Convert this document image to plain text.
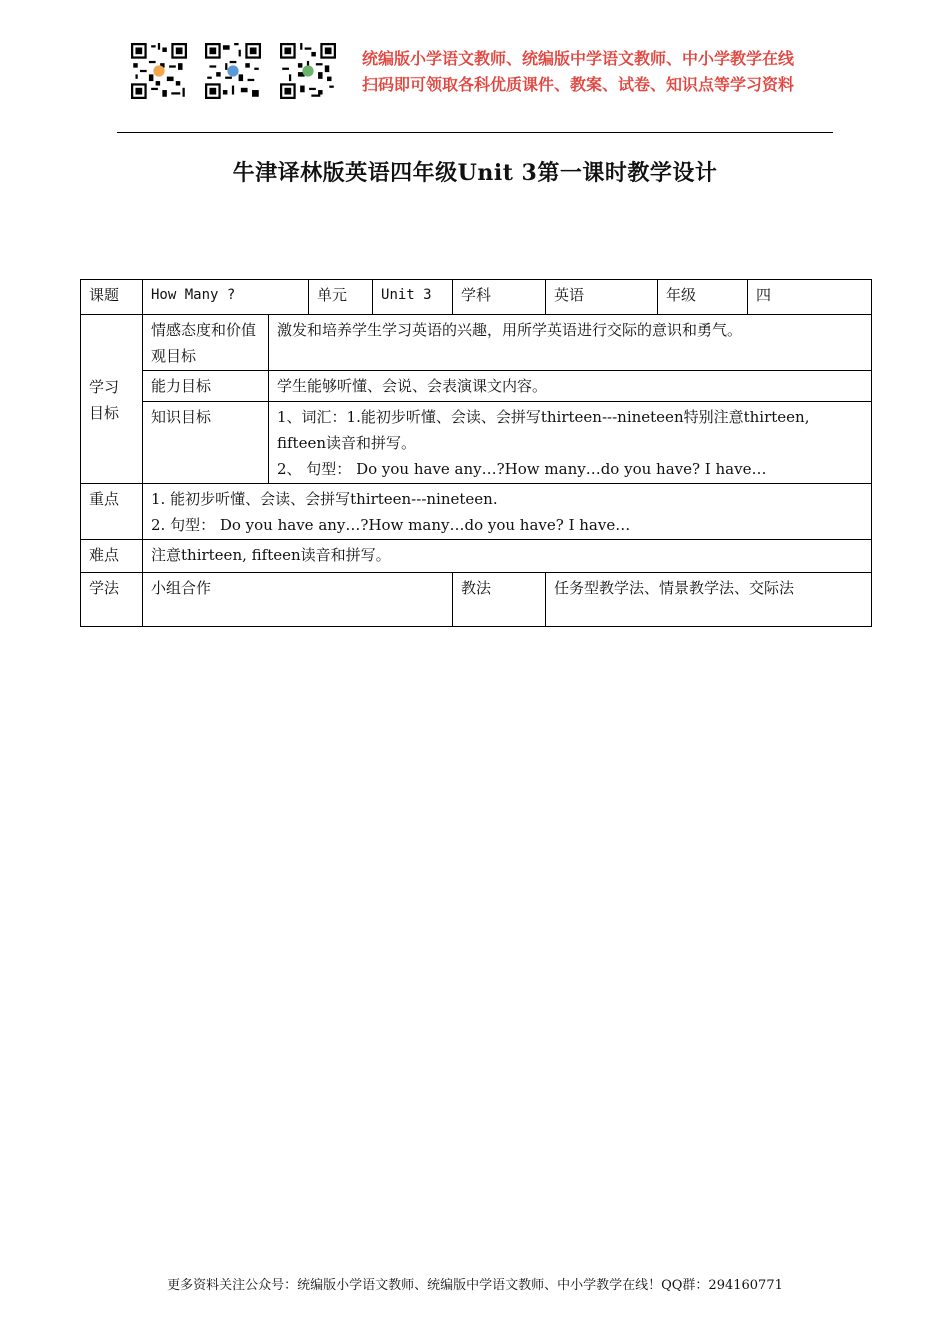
统编版小学语文教师、统编版中学语文教师、中小学教学在线
扫码即可领取各科优质课件、教案、试卷、知识点等学习资料
牛津译林版英语四年级Unit 3第一课时教学设计
课题	How Many ?		单元	Unit 3	学科	英语	年级	四

学习目标	情感态度和价值观目标	激发和培养学生学习英语的兴趣，用所学英语进行交际的意识和勇气。						
	能力目标	学生能够听懂、会说、会表演课文内容。						
	知识目标	1、词汇：1.能初步听懂、会读、会拼写thirteen---nineteen特别注意thirteen, fifteen读音和拼写。
2、 句型： Do you have any…?How many…do you have? I have…						

重点	1. 能初步听懂、会读、会拼写thirteen---nineteen.
2. 句型： Do you have any…?How many…do you have? I have…							

难点	注意thirteen, fifteen读音和拼写。							
学法	小组合作				教法	任务型教学法、情景教学法、交际法		
更多资料关注公众号：统编版小学语文教师、统编版中学语文教师、中小学教学在线！QQ群：294160771
